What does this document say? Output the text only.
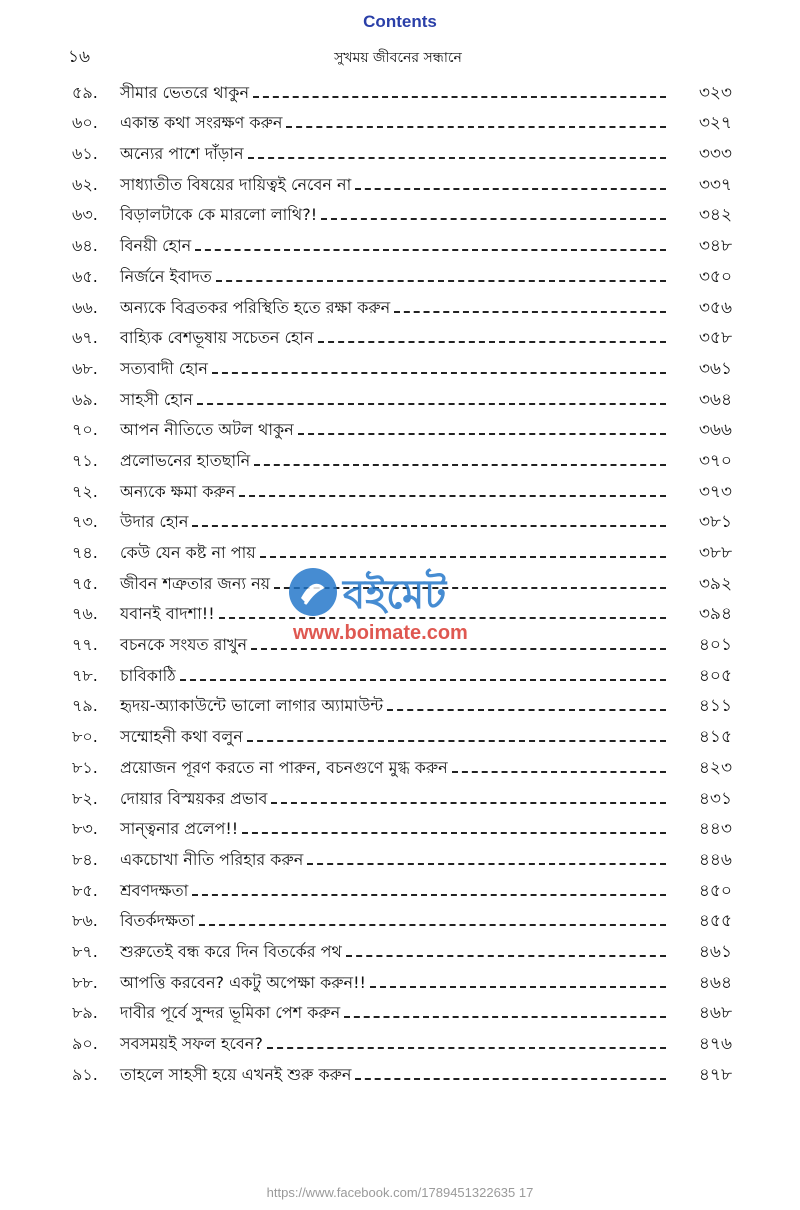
Contents
১৬	সুখময় জীবনের সন্ধানে
৫৯.	সীমার ভেতরে থাকুন	৩২৩
৬০.	একান্ত কথা সংরক্ষণ করুন	৩২৭
৬১.	অন্যের পাশে দাঁড়ান	৩৩৩
৬২.	সাধ্যাতীত বিষয়ের দায়িত্বই নেবেন না	৩৩৭
৬৩.	বিড়ালটাকে কে মারলো লাথি?!	৩৪২
৬৪.	বিনয়ী হোন	৩৪৮
৬৫.	নির্জনে ইবাদত	৩৫০
৬৬.	অন্যকে বিব্রতকর পরিস্থিতি হতে রক্ষা করুন	৩৫৬
৬৭.	বাহ্যিক বেশভূষায় সচেতন হোন	৩৫৮
৬৮.	সত্যবাদী হোন	৩৬১
৬৯.	সাহসী হোন	৩৬৪
৭০.	আপন নীতিতে অটল থাকুন	৩৬৬
৭১.	প্রলোভনের হাতছানি	৩৭০
৭২.	অন্যকে ক্ষমা করুন	৩৭৩
৭৩.	উদার হোন	৩৮১
৭৪.	কেউ যেন কষ্ট না পায়	৩৮৮
৭৫.	জীবন শত্রুতার জন্য নয়	৩৯২
৭৬.	যবানই বাদশা!!	৩৯৪
৭৭.	বচনকে সংযত রাখুন	৪০১
৭৮.	চাবিকাঠি	৪০৫
৭৯.	হৃদয়-অ্যাকাউন্টে ভালো লাগার অ্যামাউন্ট	৪১১
৮০.	সম্মোহনী কথা বলুন	৪১৫
৮১.	প্রয়োজন পূরণ করতে না পারুন, বচনগুণে মুগ্ধ করুন	৪২৩
৮২.	দোয়ার বিস্ময়কর প্রভাব	৪৩১
৮৩.	সান্ত্বনার প্রলেপ!!	৪৪৩
৮৪.	একচোখা নীতি পরিহার করুন	৪৪৬
৮৫.	শ্রবণদক্ষতা	৪৫০
৮৬.	বিতর্কদক্ষতা	৪৫৫
৮৭.	শুরুতেই বন্ধ করে দিন বিতর্কের পথ	৪৬১
৮৮.	আপত্তি করবেন? একটু অপেক্ষা করুন!!	৪৬৪
৮৯.	দাবীর পূর্বে সুন্দর ভূমিকা পেশ করুন	৪৬৮
৯০.	সবসময়ই সফল হবেন?	৪৭৬
৯১.	তাহলে সাহসী হয়ে এখনই শুরু করুন	৪৭৮
বইমেট
www.boimate.com
https://www.facebook.com/1789451322635 17
